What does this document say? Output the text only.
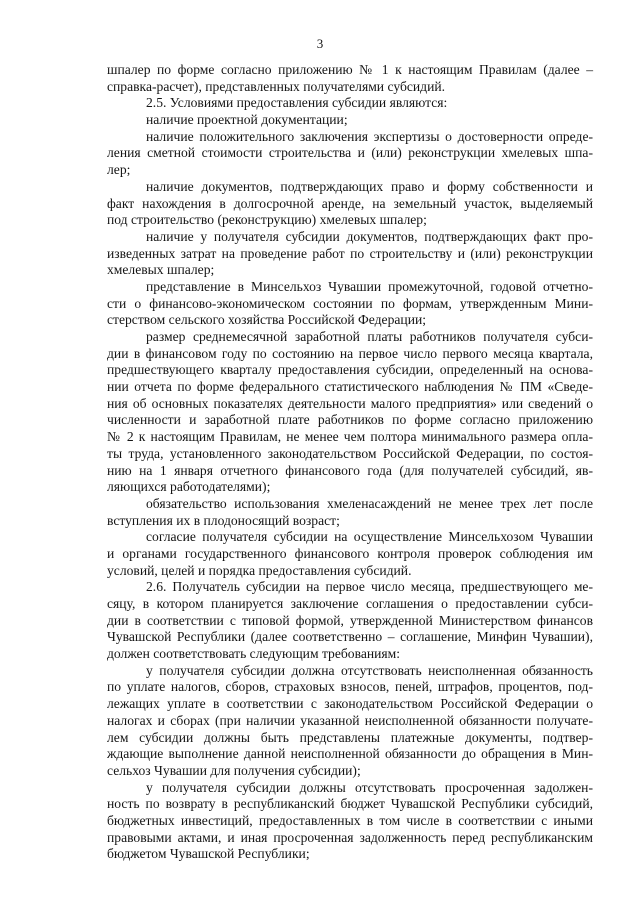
3
шпалер по форме согласно приложению № 1 к настоящим Правилам (далее –
справка-расчет), представленных получателями субсидий.
2.5. Условиями предоставления субсидии являются:
наличие проектной документации;
наличие положительного заключения экспертизы о достоверности опреде-
ления сметной стоимости строительства и (или) реконструкции хмелевых шпа-
лер;
наличие документов, подтверждающих право и форму собственности и
факт нахождения в долгосрочной аренде, на земельный участок, выделяемый
под строительство (реконструкцию) хмелевых шпалер;
наличие у получателя субсидии документов, подтверждающих факт про-
изведенных затрат на проведение работ по строительству и (или) реконструкции
хмелевых шпалер;
представление в Минсельхоз Чувашии промежуточной, годовой отчетно-
сти о финансово-экономическом состоянии по формам, утвержденным Мини-
стерством сельского хозяйства Российской Федерации;
размер среднемесячной заработной платы работников получателя субси-
дии в финансовом году по состоянию на первое число первого месяца квартала,
предшествующего кварталу предоставления субсидии, определенный на основа-
нии отчета по форме федерального статистического наблюдения № ПМ «Сведе-
ния об основных показателях деятельности малого предприятия» или сведений о
численности и заработной плате работников по форме согласно приложению
№ 2 к настоящим Правилам, не менее чем полтора минимального размера опла-
ты труда, установленного законодательством Российской Федерации, по состоя-
нию на 1 января отчетного финансового года (для получателей субсидий, яв-
ляющихся работодателями);
обязательство использования хмеленасаждений не менее трех лет после
вступления их в плодоносящий возраст;
согласие получателя субсидии на осуществление Минсельхозом Чувашии
и органами государственного финансового контроля проверок соблюдения им
условий, целей и порядка предоставления субсидий.
2.6. Получатель субсидии на первое число месяца, предшествующего ме-
сяцу, в котором планируется заключение соглашения о предоставлении субси-
дии в соответствии с типовой формой, утвержденной Министерством финансов
Чувашской Республики (далее соответственно – соглашение, Минфин Чувашии),
должен соответствовать следующим требованиям:
у получателя субсидии должна отсутствовать неисполненная обязанность
по уплате налогов, сборов, страховых взносов, пеней, штрафов, процентов, под-
лежащих уплате в соответствии с законодательством Российской Федерации о
налогах и сборах (при наличии указанной неисполненной обязанности получате-
лем субсидии должны быть представлены платежные документы, подтвер-
ждающие выполнение данной неисполненной обязанности до обращения в Мин-
сельхоз Чувашии для получения субсидии);
у получателя субсидии должны отсутствовать просроченная задолжен-
ность по возврату в республиканский бюджет Чувашской Республики субсидий,
бюджетных инвестиций, предоставленных в том числе в соответствии с иными
правовыми актами, и иная просроченная задолженность перед республиканским
бюджетом Чувашской Республики;
